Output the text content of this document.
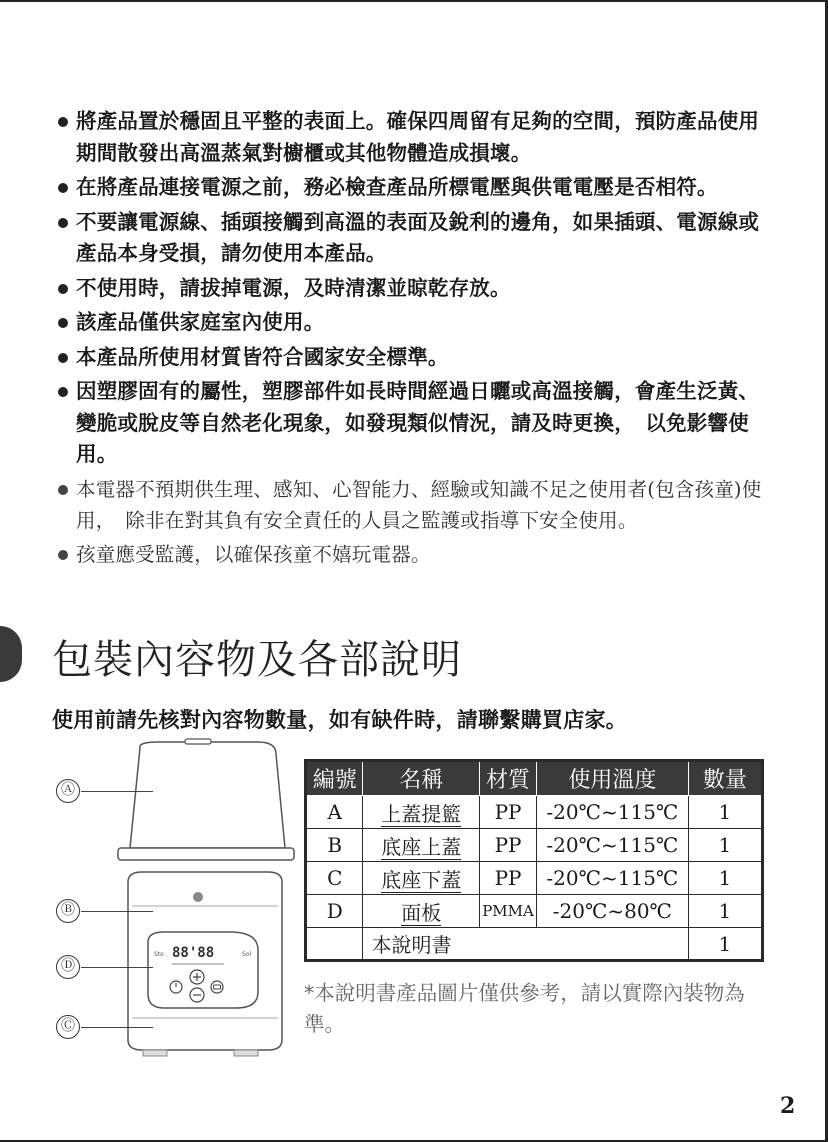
將產品置於穩固且平整的表面上。確保四周留有足夠的空間，預防產品使用期間散發出高溫蒸氣對櫥櫃或其他物體造成損壞。
在將產品連接電源之前，務必檢查產品所標電壓與供電電壓是否相符。
不要讓電源線、插頭接觸到高溫的表面及銳利的邊角，如果插頭、電源線或產品本身受損，請勿使用本產品。
不使用時，請拔掉電源，及時清潔並晾乾存放。
該產品僅供家庭室內使用。
本產品所使用材質皆符合國家安全標準。
因塑膠固有的屬性，塑膠部件如長時間經過日曬或高溫接觸，會產生泛黃、變脆或脫皮等自然老化現象，如發現類似情況，請及時更換，　以免影響使用。
本電器不預期供生理、感知、心智能力、經驗或知識不足之使用者(包含孩童)使用，　除非在對其負有安全責任的人員之監護或指導下安全使用。
孩童應受監護，以確保孩童不嬉玩電器。
包裝內容物及各部說明

使用前請先核對內容物數量，如有缺件時，請聯繫購買店家。

88'88
Sto	Sol
Ⓐ
Ⓑ
Ⓓ
Ⓒ
編號	名稱	材質	使用溫度	數量
A	上蓋提籃	PP	-20℃~115℃	1
B	底座上蓋	PP	-20℃~115℃	1
C	底座下蓋	PP	-20℃~115℃	1
D	面板	PMMA	-20℃~80℃	1
	本說明書			1

*本說明書產品圖片僅供參考，請以實際內裝物為準。

2
